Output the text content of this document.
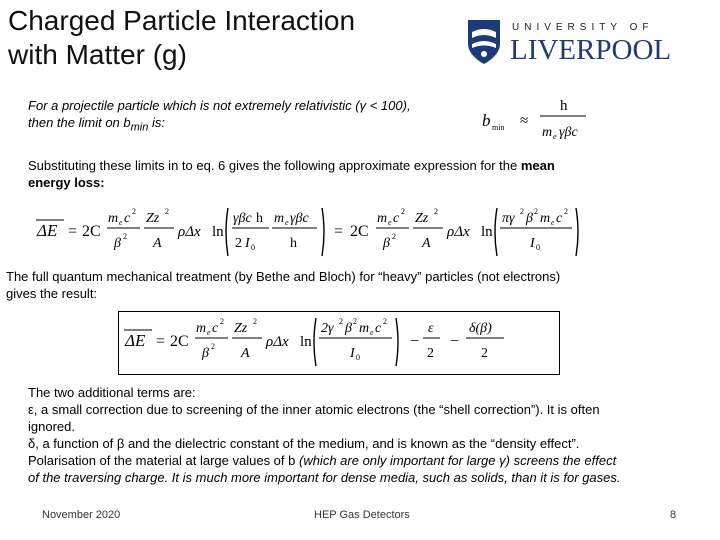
Charged Particle Interaction
with Matter (g)
UNIVERSITY OF
LIVERPOOL
For a projectile particle which is not extremely relativistic (γ < 100),
then the limit on $b_{min}$ is:	b min ≈
h
m e γβc
Substituting these limits in to eq. 6 gives the following approximate expression for the mean
energy loss:
ΔE = 2C
m e c 2
β 2
Zz 2
A
ρΔx ln
γβc h
2 I 0
m e γβc
h
= 2C
m e c 2
β 2
Zz 2
A
ρΔx ln
πγ 2 β 2 m e c 2
I 0
The full quantum mechanical treatment (by Bethe and Bloch) for “heavy” particles (not electrons)
gives the result:
ΔE = 2C
m e c 2
β 2
Zz 2
A
ρΔx ln
2γ 2 β 2 m e c 2
I 0
−
ε
2
−
δ(β)
2
The two additional terms are:
ε, a small correction due to screening of the inner atomic electrons (the “shell correction”). It is often
ignored.
δ, a function of β and the dielectric constant of the medium, and is known as the “density effect”.
Polarisation of the material at large values of b (which are only important for large γ) screens the effect
of the traversing charge. It is much more important for dense media, such as solids, than it is for gases.
November 2020	HEP Gas Detectors	8
